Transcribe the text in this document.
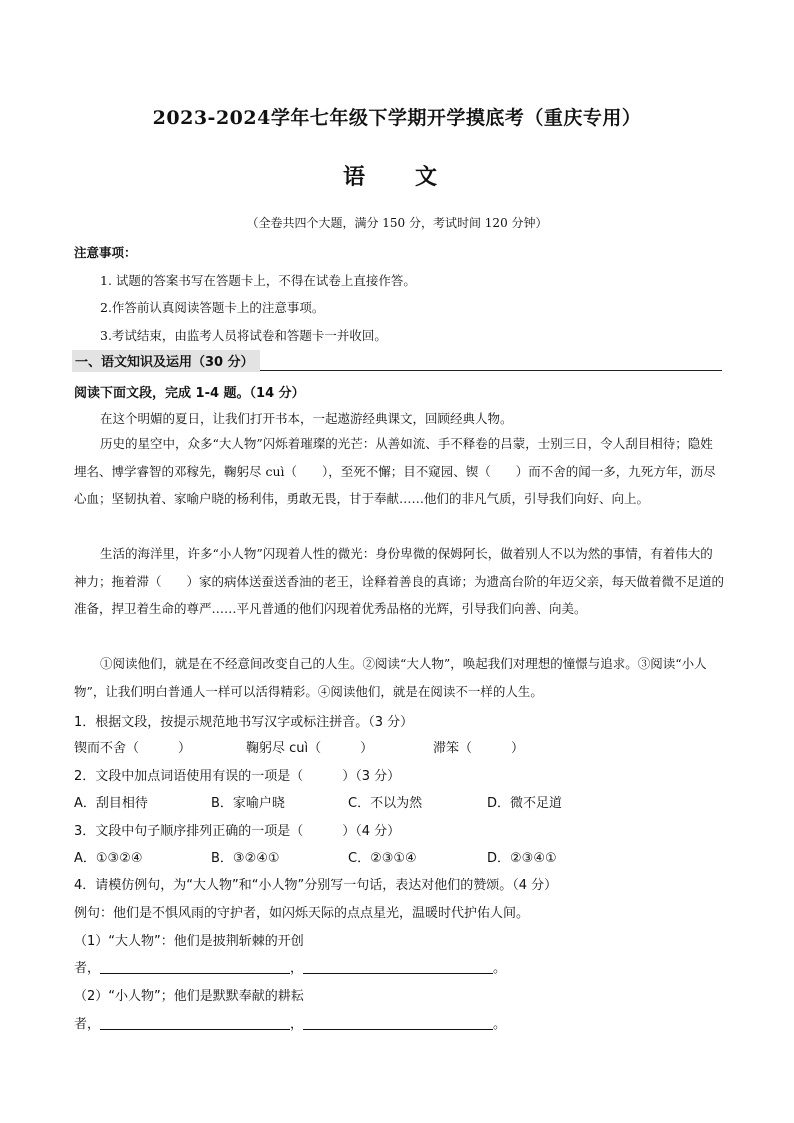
2023-2024学年七年级下学期开学摸底考（重庆专用）
语　文
（全卷共四个大题，满分 150 分，考试时间 120 分钟）
注意事项：
1. 试题的答案书写在答题卡上，不得在试卷上直接作答。
2.作答前认真阅读答题卡上的注意事项。
3.考试结束，由监考人员将试卷和答题卡一并收回。
一、语文知识及运用（30 分）
阅读下面文段，完成 1-4 题。（14 分）
在这个明媚的夏日，让我们打开书本，一起遨游经典课文，回顾经典人物。
历史的星空中，众多“大人物”闪烁着璀璨的光芒：从善如流、手不释卷的吕蒙，士别三日，令人刮目相待；隐姓埋名、博学睿智的邓稼先，鞠躬尽 cuì（　　），至死不懈；目不窥园、锲（　　）而不舍的闻一多，九死方年，沥尽心血；坚韧执着、家喻户晓的杨利伟，勇敢无畏，甘于奉献……他们的非凡气质，引导我们向好、向上。
生活的海洋里，许多“小人物”闪现着人性的微光：身份卑微的保姆阿长，做着别人不以为然的事情，有着伟大的神力；拖着滞（　　）家的病体送蚕送香油的老王，诠释着善良的真谛；为遗高台阶的年迈父亲，每天做着微不足道的准备，捍卫着生命的尊严……平凡普通的他们闪现着优秀品格的光辉，引导我们向善、向美。
①阅读他们，就是在不经意间改变自己的人生。②阅读“大人物”，唤起我们对理想的憧憬与追求。③阅读“小人物”，让我们明白普通人一样可以活得精彩。④阅读他们，就是在阅读不一样的人生。
1．根据文段，按提示规范地书写汉字或标注拼音。（3 分）
锲而不舍（　　　）	鞠躬尽 cuì（　　　）	滞笨（　　　）
2．文段中加点词语使用有误的一项是（　　　）（3 分）
A．刮目相待	B．家喻户晓	C．不以为然	D．微不足道
3．文段中句子顺序排列正确的一项是（　　　）（4 分）
A．①③②④	B．③②④①	C．②③①④	D．②③④①
4．请模仿例句，为“大人物”和“小人物”分别写一句话，表达对他们的赞颂。（4 分）
例句：他们是不惧风雨的守护者，如闪烁天际的点点星光，温暖时代护佑人间。
（1）“大人物”：他们是披荆斩棘的开创
者，	，	。
（2）“小人物”；他们是默默奉献的耕耘
者，	，	。
